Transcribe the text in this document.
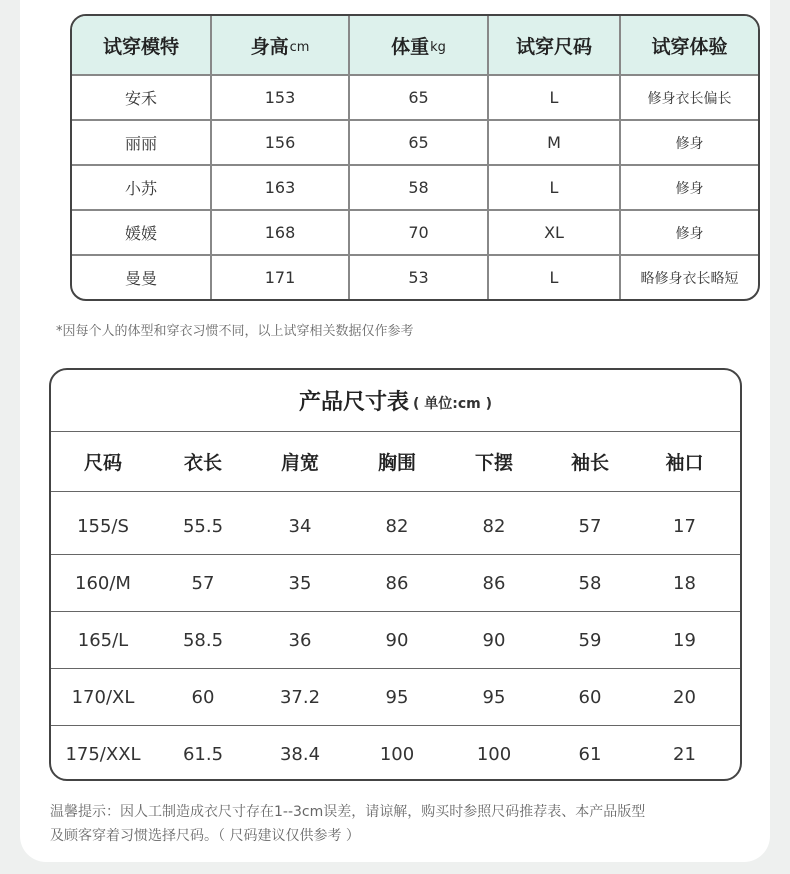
试穿模特	身高 cm	体重 kg	试穿尺码	试穿体验
安禾	153	65	L	修身衣长偏长
丽丽	156	65	M	修身
小苏	163	58	L	修身
媛媛	168	70	XL	修身
曼曼	171	53	L	略修身衣长略短
*因每个人的体型和穿衣习惯不同，以上试穿相关数据仅作参考
产品尺寸表 ( 单位:cm )
尺码	衣长	肩宽	胸围	下摆	袖长	袖口
155/S	55.5	34	82	82	57	17
160/M	57	35	86	86	58	18
165/L	58.5	36	90	90	59	19
170/XL	60	37.2	95	95	60	20
175/XXL	61.5	38.4	100	100	61	21
温馨提示：因人工制造成衣尺寸存在1--3cm误差，请谅解，购买时参照尺码推荐表、本产品版型
及顾客穿着习惯选择尺码。（ 尺码建议仅供参考 ）
